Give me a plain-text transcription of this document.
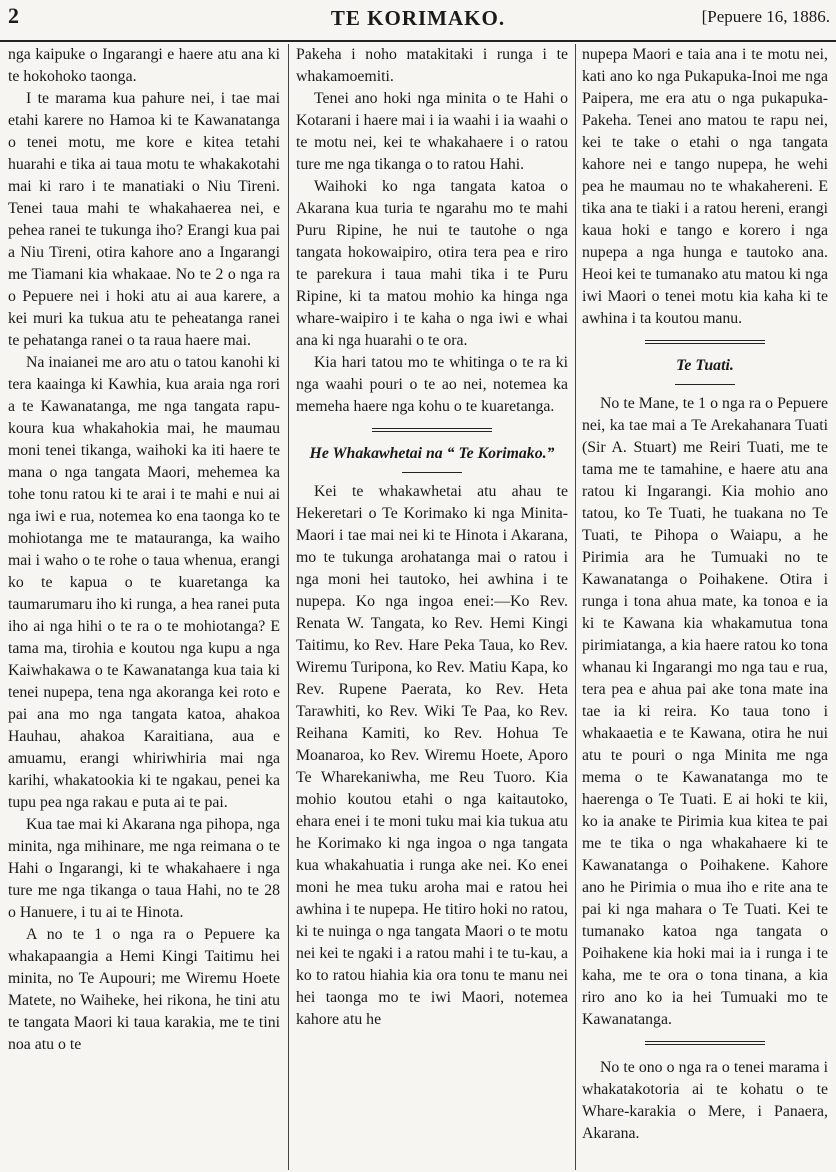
2	TE KORIMAKO.	[Pepuere 16, 1886.

nga kaipuke o Ingarangi e haere atu ana ki te hokohoko taonga.

I te marama kua pahure nei, i tae mai etahi karere no Hamoa ki te Kawanatanga o tenei motu, me kore e kitea tetahi huarahi e tika ai taua motu te whakakotahi mai ki raro i te manatiaki o Niu Tireni. Tenei taua mahi te whakahaerea nei, e pehea ranei te tukunga iho? Erangi kua pai a Niu Tireni, otira kahore ano a Ingarangi me Tiamani kia whakaae. No te 2 o nga ra o Pepuere nei i hoki atu ai aua karere, a kei muri ka tukua atu te peheatanga ranei te pehatanga ranei o ta raua haere mai.

Na inaianei me aro atu o tatou kanohi ki tera kaainga ki Kawhia, kua araia nga rori a te Kawanatanga, me nga tangata rapu-koura kua whakahokia mai, he maumau moni tenei tikanga, waihoki ka iti haere te mana o nga tangata Maori, mehemea ka tohe tonu ratou ki te arai i te mahi e nui ai nga iwi e rua, notemea ko ena taonga ko te mohiotanga me te matauranga, ka waiho mai i waho o te rohe o taua whenua, erangi ko te kapua o te kuaretanga ka taumarumaru iho ki runga, a hea ranei puta iho ai nga hihi o te ra o te mohiotanga? E tama ma, tirohia e koutou nga kupu a nga Kaiwhakawa o te Kawanatanga kua taia ki tenei nupepa, tena nga akoranga kei roto e pai ana mo nga tangata katoa, ahakoa Hauhau, ahakoa Karaitiana, aua e amuamu, erangi whiriwhiria mai nga karihi, whakatookia ki te ngakau, penei ka tupu pea nga rakau e puta ai te pai.

Kua tae mai ki Akarana nga pihopa, nga minita, nga mihinare, me nga reimana o te Hahi o Ingarangi, ki te whakahaere i nga ture me nga tikanga o taua Hahi, no te 28 o Hanuere, i tu ai te Hinota.

A no te 1 o nga ra o Pepuere ka whakapaangia a Hemi Kingi Taitimu hei minita, no Te Aupouri; me Wiremu Hoete Matete, no Waiheke, hei rikona, he tini atu te tangata Maori ki taua karakia, me te tini noa atu o te

Pakeha i noho matakitaki i runga i te whakamoemiti.

Tenei ano hoki nga minita o te Hahi o Kotarani i haere mai i ia waahi i ia waahi o te motu nei, kei te whakahaere i o ratou ture me nga tikanga o to ratou Hahi.

Waihoki ko nga tangata katoa o Akarana kua turia te ngarahu mo te mahi Puru Ripine, he nui te tautohe o nga tangata hokowaipiro, otira tera pea e riro te parekura i taua mahi tika i te Puru Ripine, ki ta matou mohio ka hinga nga whare-waipiro i te kaha o nga iwi e whai ana ki nga huarahi o te ora.

Kia hari tatou mo te whitinga o te ra ki nga waahi pouri o te ao nei, notemea ka memeha haere nga kohu o te kuaretanga.

He Whakawhetai na “ Te Korimako.”

Kei te whakawhetai atu ahau te Hekeretari o Te Korimako ki nga Minita-Maori i tae mai nei ki te Hinota i Akarana, mo te tukunga arohatanga mai o ratou i nga moni hei tautoko, hei awhina i te nupepa. Ko nga ingoa enei:—Ko Rev. Renata W. Tangata, ko Rev. Hemi Kingi Taitimu, ko Rev. Hare Peka Taua, ko Rev. Wiremu Turipona, ko Rev. Matiu Kapa, ko Rev. Rupene Paerata, ko Rev. Heta Tarawhiti, ko Rev. Wiki Te Paa, ko Rev. Reihana Kamiti, ko Rev. Hohua Te Moanaroa, ko Rev. Wiremu Hoete, Aporo Te Wharekaniwha, me Reu Tuoro. Kia mohio koutou etahi o nga kaitautoko, ehara enei i te moni tuku mai kia tukua atu he Korimako ki nga ingoa o nga tangata kua whakahuatia i runga ake nei. Ko enei moni he mea tuku aroha mai e ratou hei awhina i te nupepa. He titiro hoki no ratou, ki te nuinga o nga tangata Maori o te motu nei kei te ngaki i a ratou mahi i te tu-kau, a ko to ratou hiahia kia ora tonu te manu nei hei taonga mo te iwi Maori, notemea kahore atu he

nupepa Maori e taia ana i te motu nei, kati ano ko nga Pukapuka-Inoi me nga Paipera, me era atu o nga pukapuka-Pakeha. Tenei ano matou te rapu nei, kei te take o etahi o nga tangata kahore nei e tango nupepa, he wehi pea he maumau no te whakahereni. E tika ana te tiaki i a ratou hereni, erangi kaua hoki e tango e korero i nga nupepa a nga hunga e tautoko ana. Heoi kei te tumanako atu matou ki nga iwi Maori o tenei motu kia kaha ki te awhina i ta koutou manu.

Te Tuati.

No te Mane, te 1 o nga ra o Pepuere nei, ka tae mai a Te Arekahanara Tuati (Sir A. Stuart) me Reiri Tuati, me te tama me te tamahine, e haere atu ana ratou ki Ingarangi. Kia mohio ano tatou, ko Te Tuati, he tuakana no Te Tuati, te Pihopa o Waiapu, a he Pirimia ara he Tumuaki no te Kawanatanga o Poihakene. Otira i runga i tona ahua mate, ka tonoa e ia ki te Kawana kia whakamutua tona pirimiatanga, a kia haere ratou ko tona whanau ki Ingarangi mo nga tau e rua, tera pea e ahua pai ake tona mate ina tae ia ki reira. Ko taua tono i whakaaetia e te Kawana, otira he nui atu te pouri o nga Minita me nga mema o te Kawanatanga mo te haerenga o Te Tuati. E ai hoki te kii, ko ia anake te Pirimia kua kitea te pai me te tika o nga whakahaere ki te Kawanatanga o Poihakene. Kahore ano he Pirimia o mua iho e rite ana te pai ki nga mahara o Te Tuati. Kei te tumanako katoa nga tangata o Poihakene kia hoki mai ia i runga i te kaha, me te ora o tona tinana, a kia riro ano ko ia hei Tumuaki mo te Kawanatanga.

No te ono o nga ra o tenei marama i whakatakotoria ai te kohatu o te Whare-karakia o Mere, i Panaera, Akarana.
